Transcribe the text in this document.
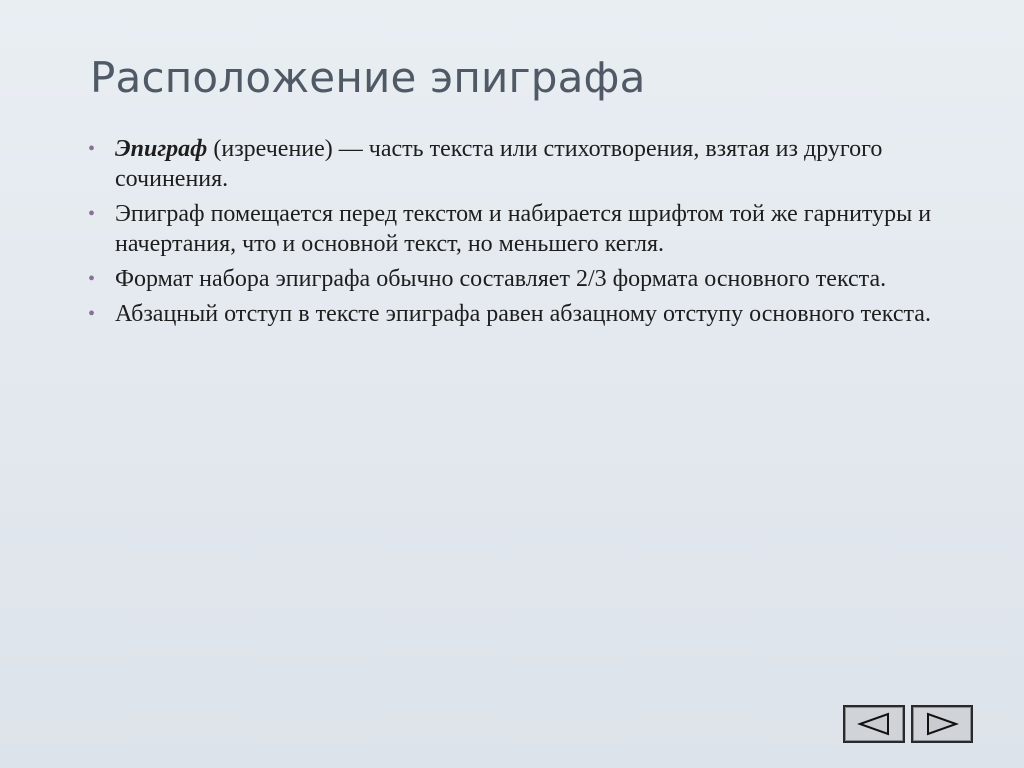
Расположение эпиграфа
• Эпиграф (изречение) — часть текста или стихотворения, взятая из другого сочинения.
• Эпиграф помещается перед текстом и набирается шрифтом той же гарнитуры и начертания, что и основной текст, но меньшего кегля.
• Формат набора эпиграфа обычно составляет 2/3 формата основного текста.
• Абзацный отступ в тексте эпиграфа равен абзацному отступу основного текста.
